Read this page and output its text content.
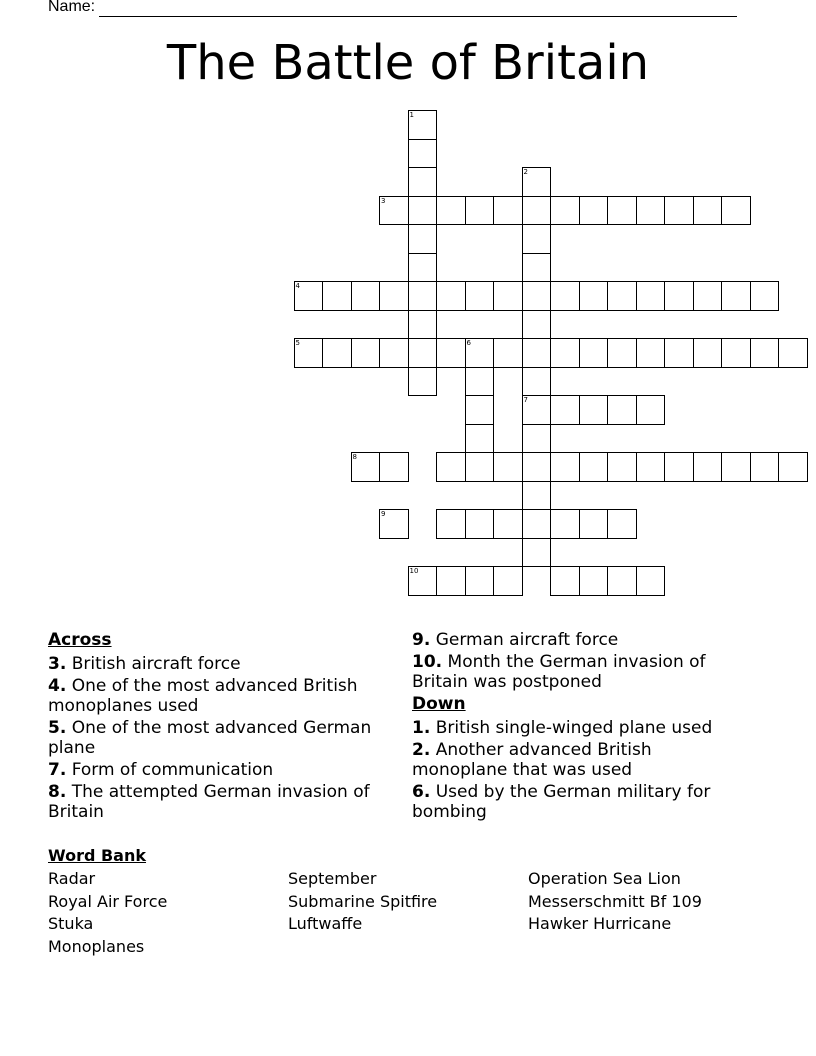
Name:
The Battle of Britain
1
2
7
3
4
5	6
8
9
10
Across
3. British aircraft force
4. One of the most advanced British monoplanes used
5. One of the most advanced German plane
7. Form of communication
8. The attempted German invasion of Britain
9. German aircraft force
10. Month the German invasion of Britain was postponed
Down
1. British single-winged plane used
2. Another advanced British monoplane that was used
6. Used by the German military for bombing
Word Bank
Radar
Royal Air Force
Stuka
Monoplanes
September
Submarine Spitfire
Luftwaffe
Operation Sea Lion
Messerschmitt Bf 109
Hawker Hurricane
